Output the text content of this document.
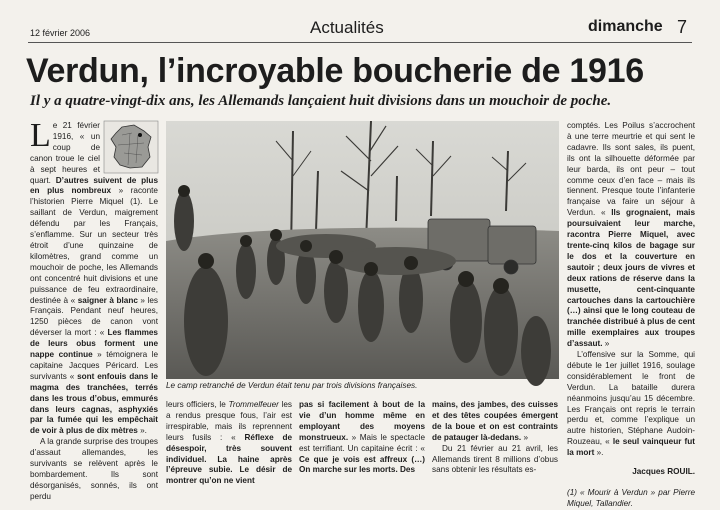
12 février 2006	Actualités	dimanche 7
Verdun, l’incroyable boucherie de 1916
Il y a quatre-vingt-dix ans, les Allemands lançaient huit divisions dans un mouchoir de poche.

Le 21 février 1916, « un coup de canon troue le ciel à sept heures et quart. D’autres suivent de plus en plus nombreux » raconte l’historien Pierre Miquel (1). Le saillant de Verdun, maigrement défendu par les Français, s’enflamme. Sur un secteur très étroit d’une quinzaine de kilomètres, grand comme un mouchoir de poche, les Allemands ont concentré huit divisions et une puissance de feu extraordinaire, destinée à « saigner à blanc » les Français. Pendant neuf heures, 1250 pièces de canon vont déverser la mort : « Les flammes de leurs obus forment une nappe continue » témoignera le capitaine Jacques Péricard. Les survivants « sont enfouis dans le magma des tranchées, terrés dans les trous d’obus, emmurés dans leurs cagnas, asphyxiés par la fumée qui les empêchait de voir à plus de dix mètres ».

A la grande surprise des troupes d’assaut allemandes, les survivants se relèvent après le bombardement. Ils sont désorganisés, sonnés, ils ont perdu

Le camp retranché de Verdun était tenu par trois divisions françaises.
leurs officiers, le Trommelfeuer les a rendus presque fous, l’air est irrespirable, mais ils reprennent leurs fusils : « Réflexe de désespoir, très souvent individuel. La haine après l’épreuve subie. Le désir de montrer qu’on ne vient
pas si facilement à bout de la vie d’un homme même en employant des moyens monstrueux. » Mais le spectacle est terrifiant. Un capitaine écrit : « Ce que je vois est affreux (…) On marche sur les morts. Des
mains, des jambes, des cuisses et des têtes coupées émergent de la boue et on est contraints de patauger là-dedans. »

Du 21 février au 21 avril, les Allemands tirent 8 millions d’obus sans obtenir les résultats es-

comptés. Les Poilus s’accrochent à une terre meurtrie et qui sent le cadavre. Ils sont sales, ils puent, ils ont la silhouette déformée par leur barda, ils ont peur – tout comme ceux d’en face – mais ils tiennent. Presque toute l’infanterie française va faire un séjour à Verdun. « Ils grognaient, mais poursuivaient leur marche, racontra Pierre Miquel, avec trente-cinq kilos de bagage sur le dos et la couverture en sautoir ; deux jours de vivres et deux rations de réserve dans la musette, cent-cinquante cartouches dans la cartouchière (…) ainsi que le long couteau de tranchée distribué à plus de cent mille exemplaires aux troupes d’assaut. »

L’offensive sur la Somme, qui débute le 1er juillet 1916, soulage considérablement le front de Verdun. La bataille durera néanmoins jusqu’au 15 décembre. Les Français ont repris le terrain perdu et, comme l’explique un autre historien, Stéphane Audoin-Rouzeau, « le seul vainqueur fut la mort ».

Jacques ROUIL.
(1) « Mourir à Verdun » par Pierre Miquel, Tallandier.
